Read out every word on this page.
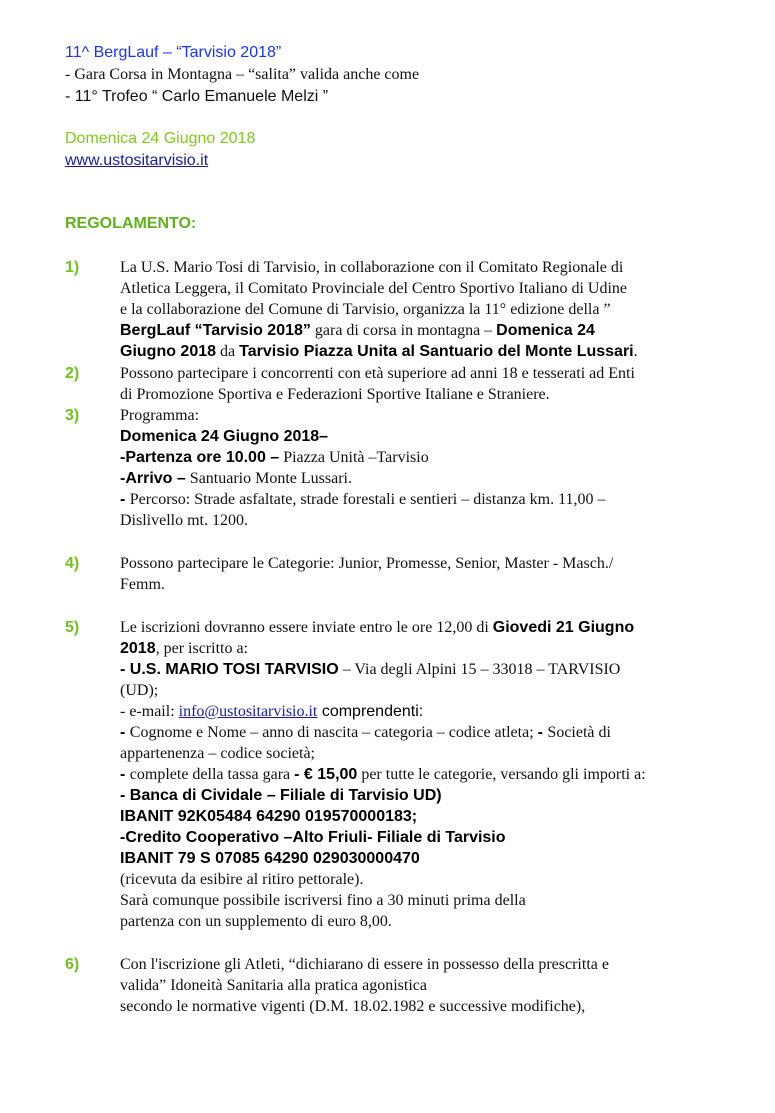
11^ BergLauf – “Tarvisio 2018”
- Gara Corsa in Montagna – “salita” valida anche come
- 11° Trofeo “ Carlo Emanuele Melzi ”
Domenica 24 Giugno 2018
www.ustositarvisio.it
REGOLAMENTO:
1)	La U.S. Mario Tosi di Tarvisio, in collaborazione con il Comitato Regionale di
Atletica Leggera, il Comitato Provinciale del Centro Sportivo Italiano di Udine
e la collaborazione del Comune di Tarvisio, organizza la 11° edizione della ”
BergLauf “Tarvisio 2018” gara di corsa in montagna – Domenica 24
Giugno 2018 da Tarvisio Piazza Unita al Santuario del Monte Lussari.
2)	Possono partecipare i concorrenti con età superiore ad anni 18 e tesserati ad Enti
di Promozione Sportiva e Federazioni Sportive Italiane e Straniere.
3)	Programma:
Domenica 24 Giugno 2018–
-Partenza ore 10.00 – Piazza Unità –Tarvisio
-Arrivo – Santuario Monte Lussari.
- Percorso: Strade asfaltate, strade forestali e sentieri – distanza km. 11,00 –
Dislivello mt. 1200.
4)	Possono partecipare le Categorie: Junior, Promesse, Senior, Master - Masch./
Femm.
5)	Le iscrizioni dovranno essere inviate entro le ore 12,00 di Giovedi 21 Giugno
2018, per iscritto a:
- U.S. MARIO TOSI TARVISIO – Via degli Alpini 15 – 33018 – TARVISIO
(UD);
- e-mail: info@ustositarvisio.it comprendenti:
- Cognome e Nome – anno di nascita – categoria – codice atleta; - Società di
appartenenza – codice società;
- complete della tassa gara - € 15,00 per tutte le categorie, versando gli importi a:
- Banca di Cividale – Filiale di Tarvisio UD)
IBANIT 92K05484 64290 019570000183;
-Credito Cooperativo –Alto Friuli- Filiale di Tarvisio
IBANIT 79 S 07085 64290 029030000470
(ricevuta da esibire al ritiro pettorale).
Sarà comunque possibile iscriversi fino a 30 minuti prima della
partenza con un supplemento di euro 8,00.
6)	Con l'iscrizione gli Atleti, “dichiarano di essere in possesso della prescritta e
valida” Idoneità Sanitaria alla pratica agonistica
secondo le normative vigenti (D.M. 18.02.1982 e successive modifiche),
